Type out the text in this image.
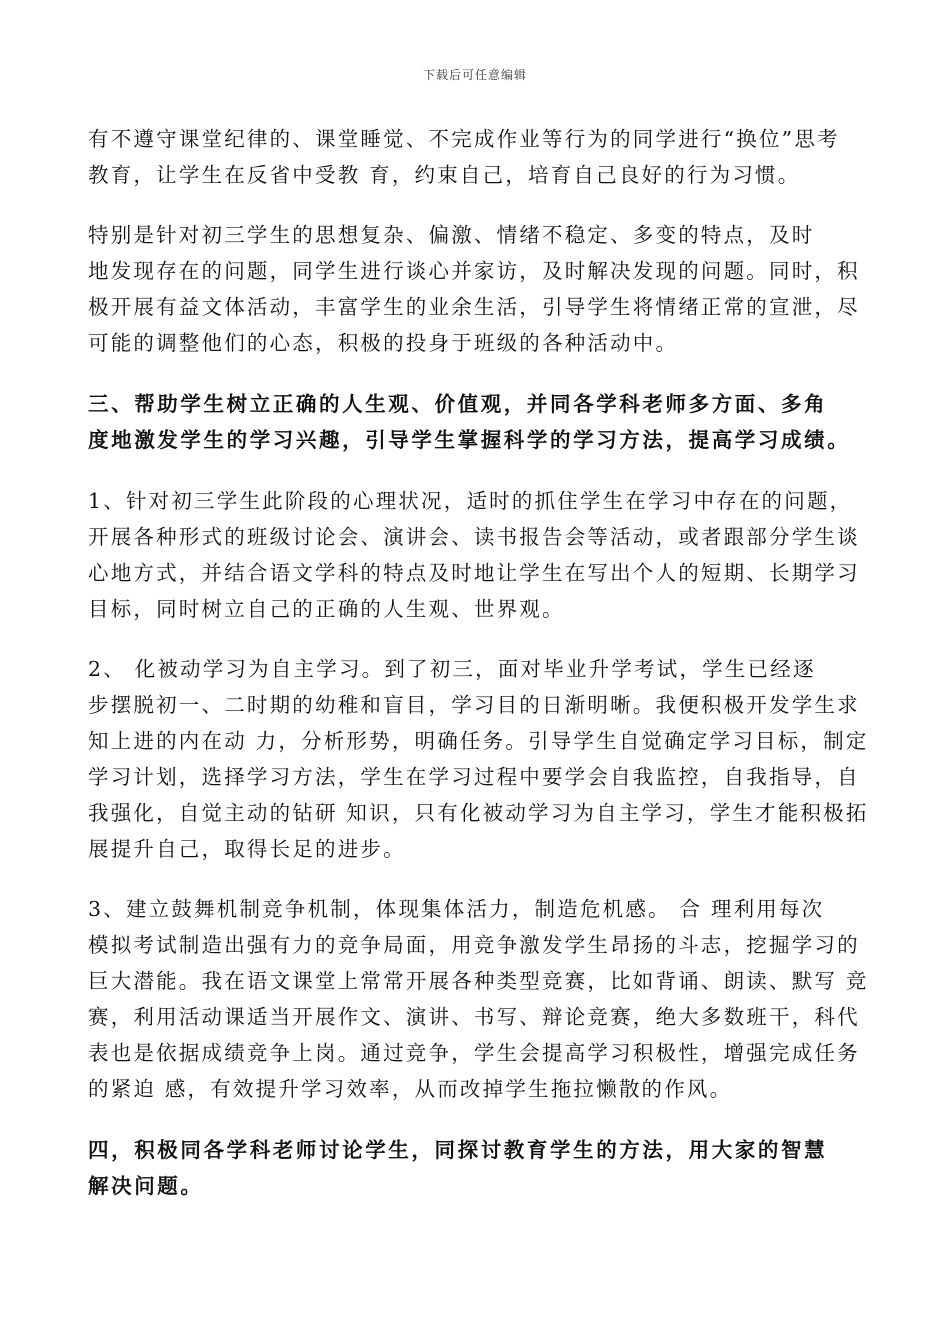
下载后可任意编辑
有不遵守课堂纪律的、课堂睡觉、不完成作业等行为的同学进行“换位”思考
教育，让学生在反省中受教 育，约束自己，培育自己良好的行为习惯。
特别是针对初三学生的思想复杂、偏激、情绪不稳定、多变的特点，及时
地发现存在的问题，同学生进行谈心并家访，及时解决发现的问题。同时，积
极开展有益文体活动，丰富学生的业余生活，引导学生将情绪正常的宣泄，尽
可能的调整他们的心态，积极的投身于班级的各种活动中。
三、帮助学生树立正确的人生观、价值观，并同各学科老师多方面、多角
度地激发学生的学习兴趣，引导学生掌握科学的学习方法，提高学习成绩。
1、针对初三学生此阶段的心理状况，适时的抓住学生在学习中存在的问题，
开展各种形式的班级讨论会、演讲会、读书报告会等活动，或者跟部分学生谈
心地方式，并结合语文学科的特点及时地让学生在写出个人的短期、长期学习
目标，同时树立自己的正确的人生观、世界观。
2、 化被动学习为自主学习。到了初三，面对毕业升学考试，学生已经逐
步摆脱初一、二时期的幼稚和盲目，学习目的日渐明晰。我便积极开发学生求
知上进的内在动 力，分析形势，明确任务。引导学生自觉确定学习目标，制定
学习计划，选择学习方法，学生在学习过程中要学会自我监控，自我指导，自
我强化，自觉主动的钻研 知识，只有化被动学习为自主学习，学生才能积极拓
展提升自己，取得长足的进步。
3、建立鼓舞机制竞争机制，体现集体活力，制造危机感。 合 理利用每次
模拟考试制造出强有力的竞争局面，用竞争激发学生昂扬的斗志，挖掘学习的
巨大潜能。我在语文课堂上常常开展各种类型竞赛，比如背诵、朗读、默写 竞
赛，利用活动课适当开展作文、演讲、书写、辩论竞赛，绝大多数班干，科代
表也是依据成绩竞争上岗。通过竞争，学生会提高学习积极性，增强完成任务
的紧迫 感，有效提升学习效率，从而改掉学生拖拉懒散的作风。
四，积极同各学科老师讨论学生，同探讨教育学生的方法，用大家的智慧
解决问题。
